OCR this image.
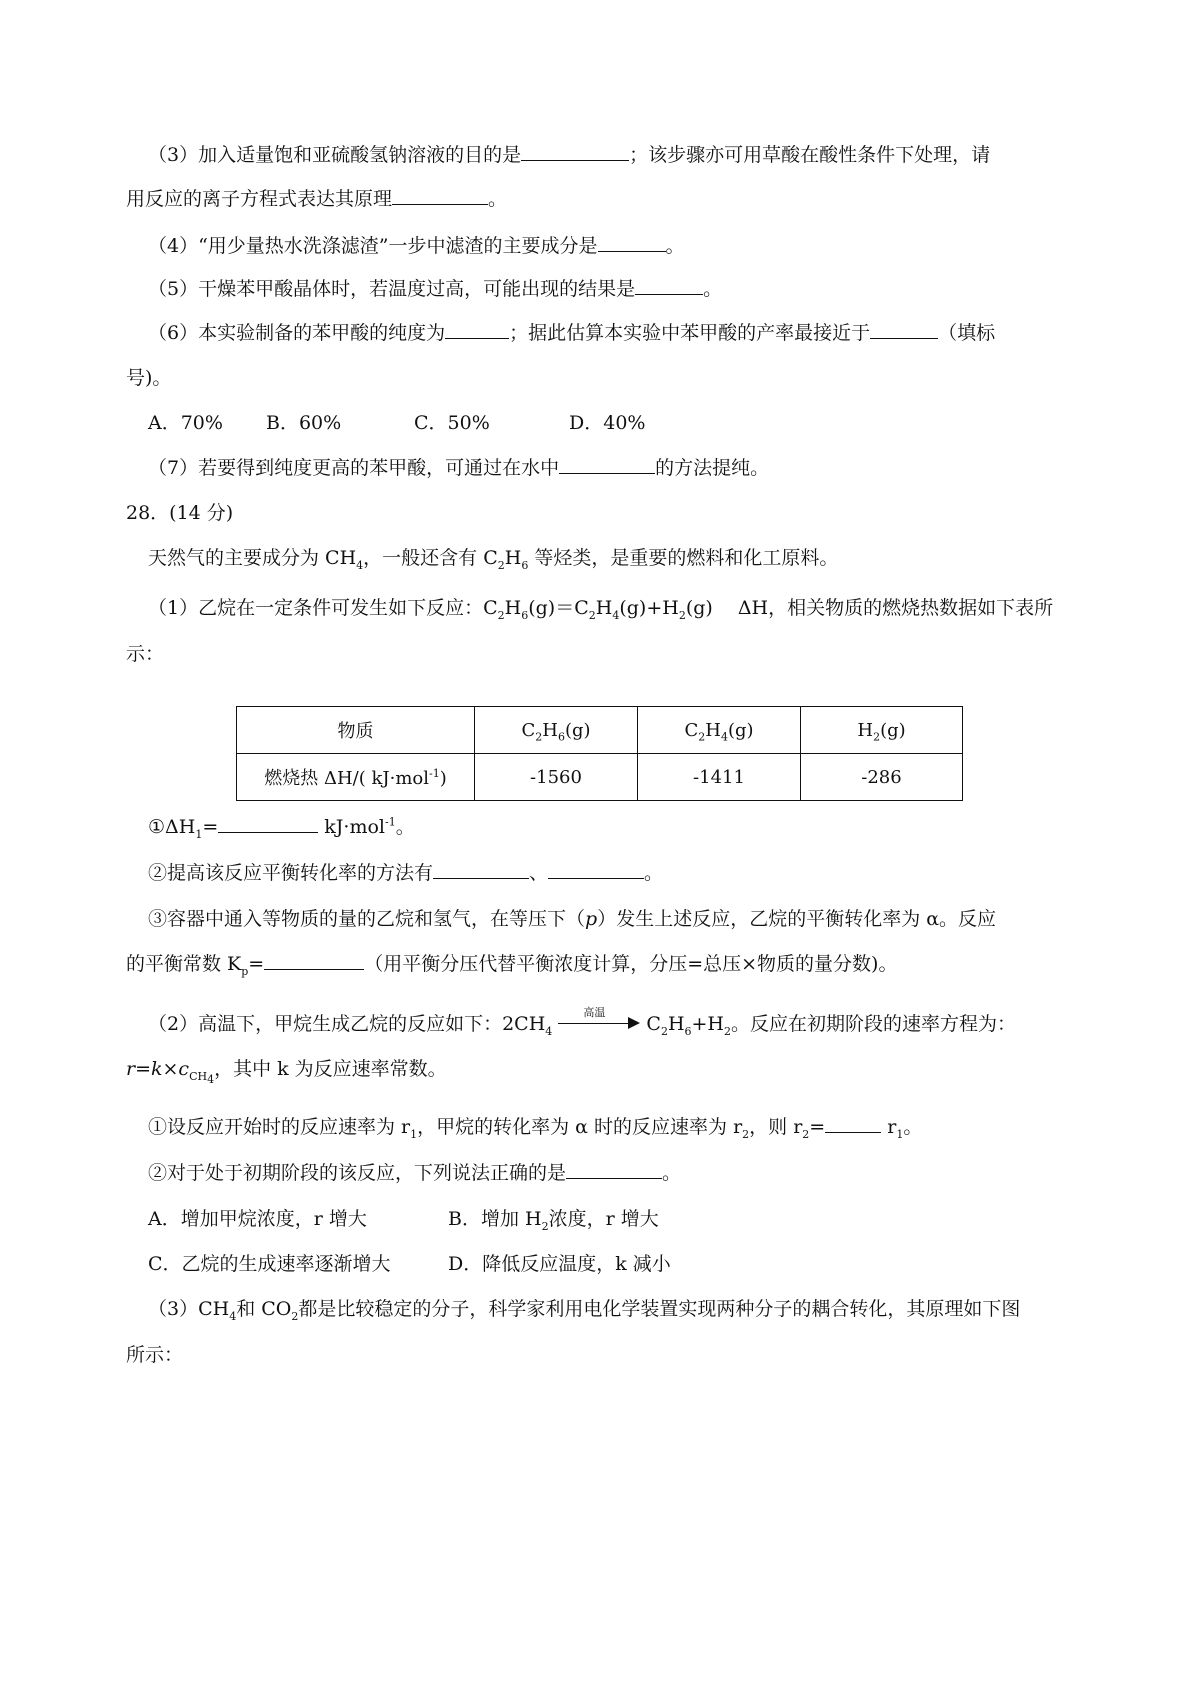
（3）加入适量饱和亚硫酸氢钠溶液的目的是	；该步骤亦可用草酸在酸性条件下处理，请
用反应的离子方程式表达其原理	。
（4）“用少量热水洗涤滤渣”一步中滤渣的主要成分是	。
（5）干燥苯甲酸晶体时，若温度过高，可能出现的结果是	。
（6）本实验制备的苯甲酸的纯度为	；据此估算本实验中苯甲酸的产率最接近于	（填标
号)。
A．70% B．60%	C．50%	D．40%
（7）若要得到纯度更高的苯甲酸，可通过在水中	的方法提纯。
28．(14 分)
天然气的主要成分为 $CH_4$，一般还含有 $C_2H_6$ 等烃类，是重要的燃料和化工原料。
（1）乙烷在一定条件可发生如下反应：$C_2H_6(g)=C_2H_4(g)+H_2(g)$　 ΔH，相关物质的燃烧热数据如下表所
示：
物质	$C_2H_6(g)$	$C_2H_4(g)$	$H_2(g)$
燃烧热 ΔH/( kJ·mol$^{-1}$)	-1560	-1411	-286
$①\Delta H_1=$	kJ·mol$^{-1}$。
②提高该反应平衡转化率的方法有	、	。
③容器中通入等物质的量的乙烷和氢气，在等压下（p）发生上述反应，乙烷的平衡转化率为 α。反应
的平衡常数 $K_p=$	（用平衡分压代替平衡浓度计算，分压=总压×物质的量分数)。
（2）高温下，甲烷生成乙烷的反应如下：$2CH_4$
高温
$C_2H_6+H_2$。反应在初期阶段的速率方程为：
$r=k\times c_{CH_4}$，其中 k 为反应速率常数。
①设反应开始时的反应速率为 $r_1$，甲烷的转化率为 α 时的反应速率为 $r_2$，则 $r_2=$	$r_1$。
②对于处于初期阶段的该反应，下列说法正确的是	。
A．增加甲烷浓度，r 增大	B．增加 $H_2$浓度，r 增大
C．乙烷的生成速率逐渐增大	D．降低反应温度，k 减小
$(3)CH_4$和 $CO_2$都是比较稳定的分子，科学家利用电化学装置实现两种分子的耦合转化，其原理如下图
所示：
